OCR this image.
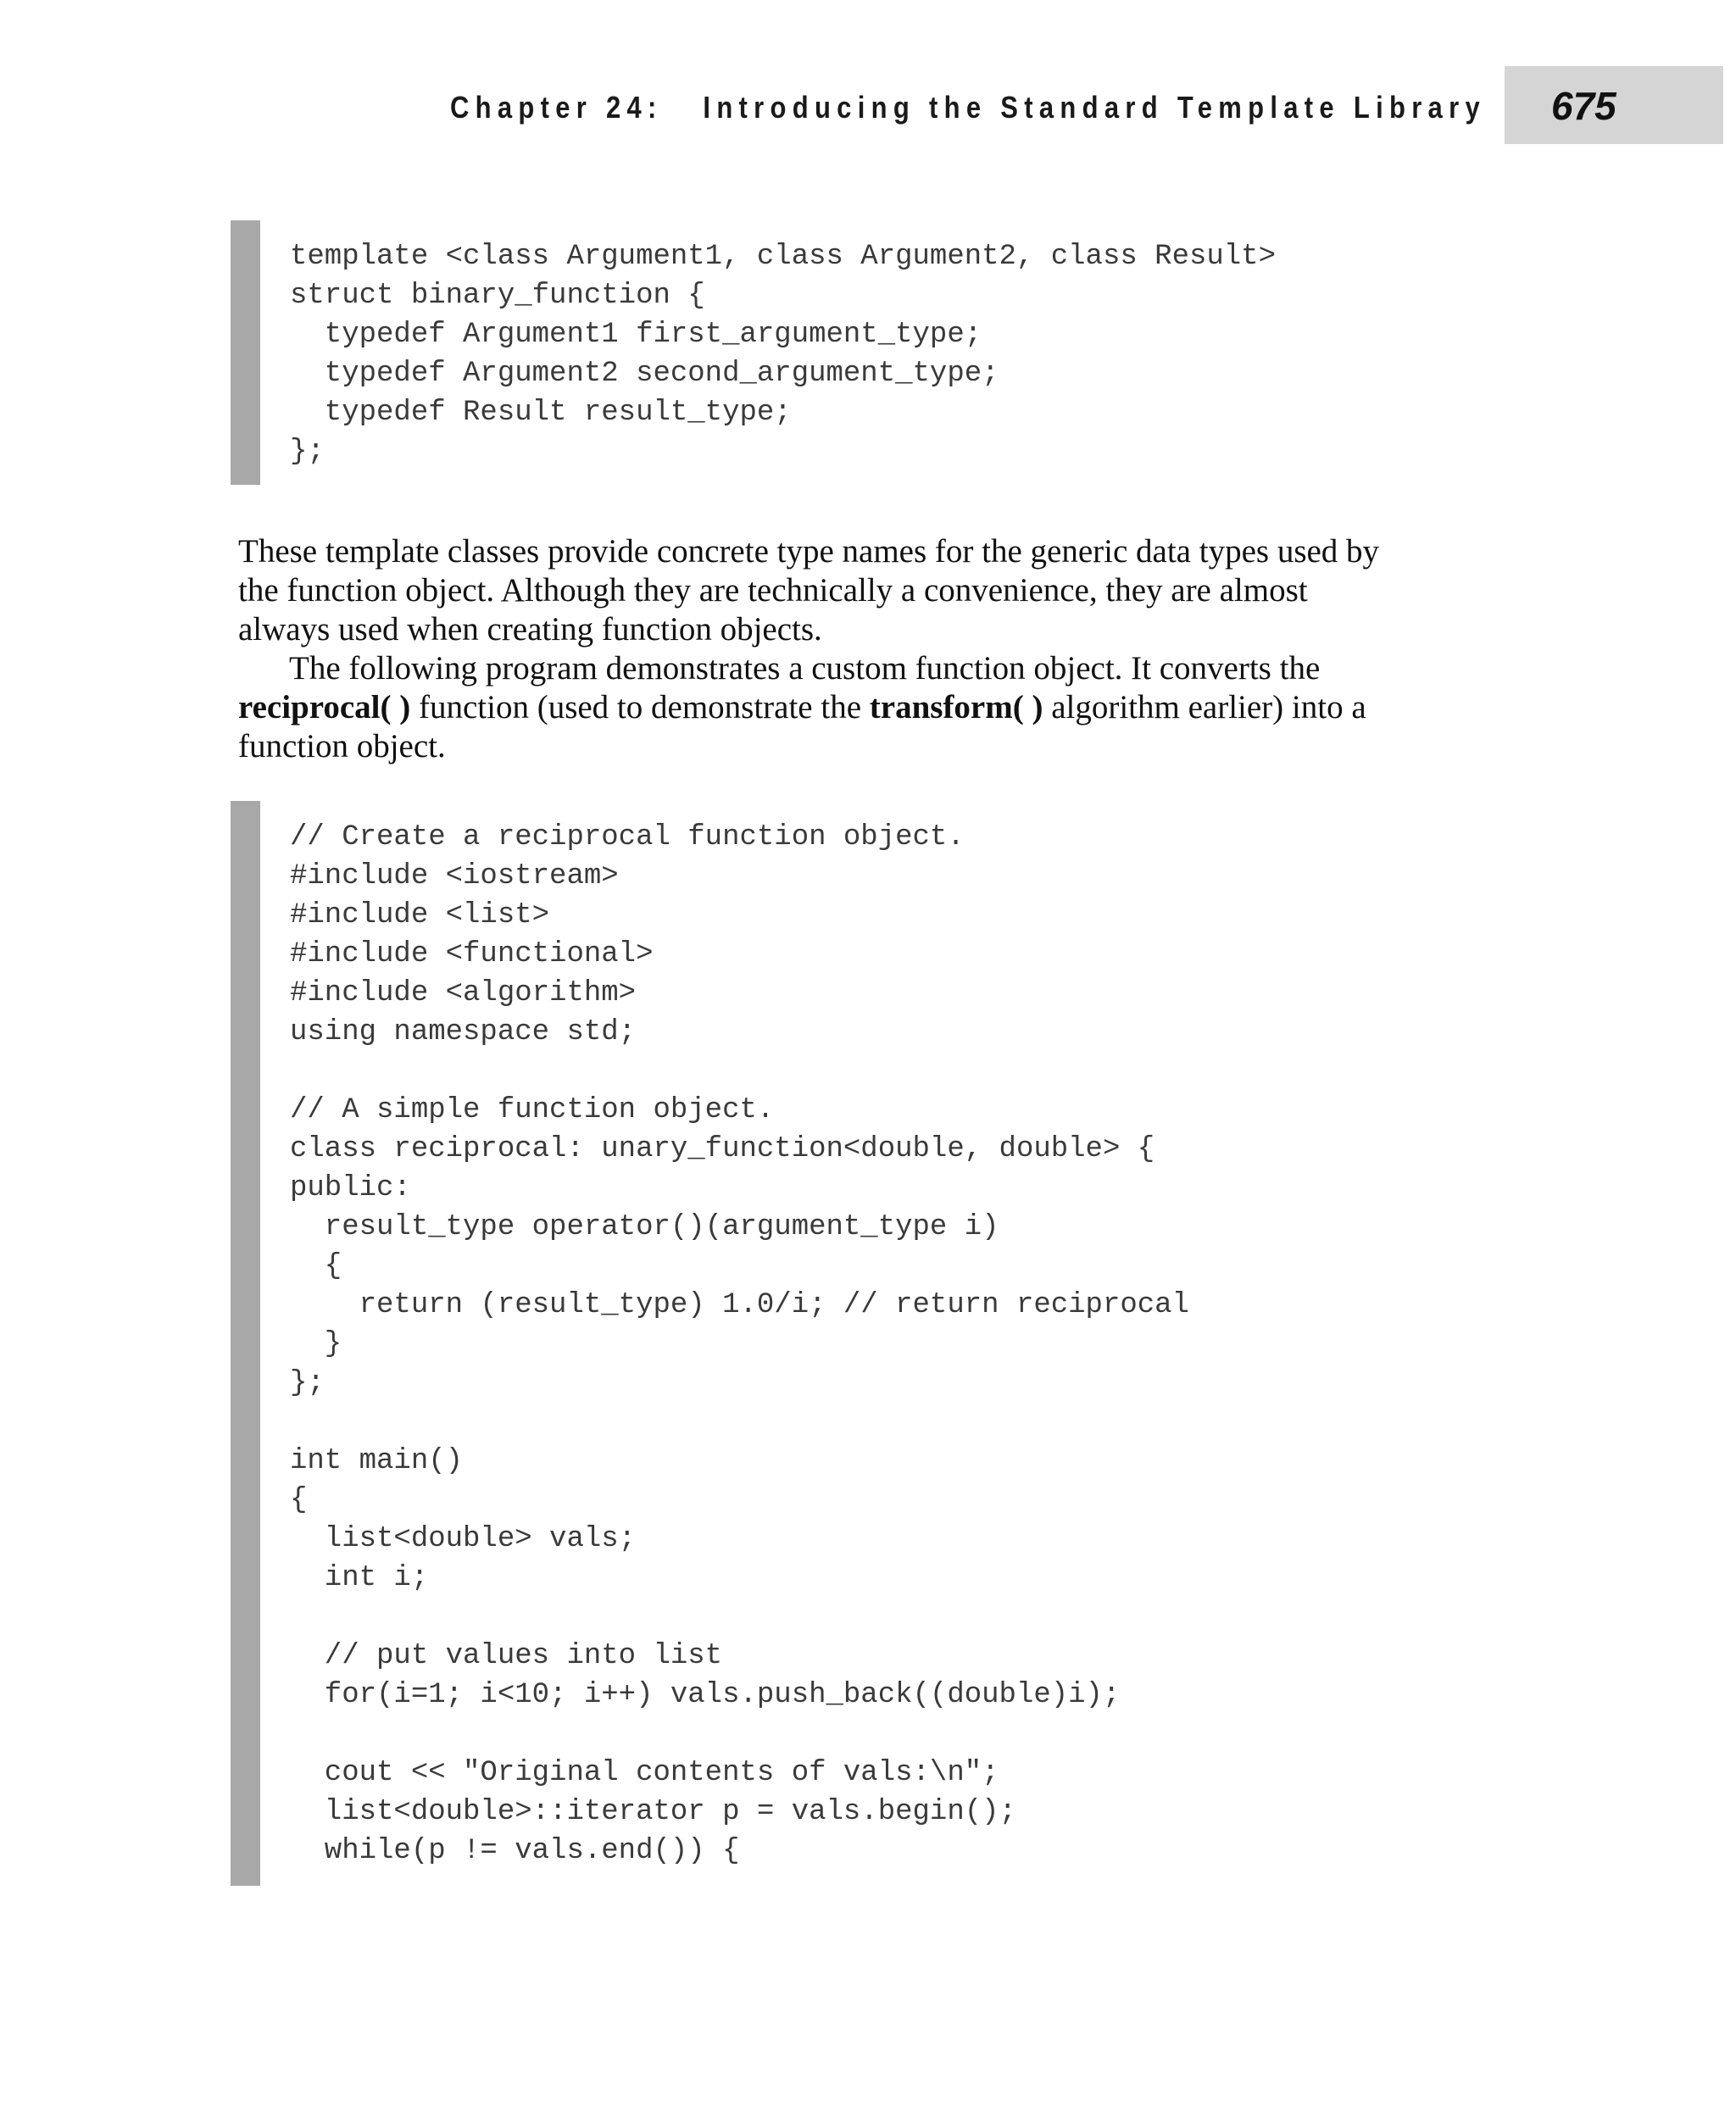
Chapter 24:   Introducing the Standard Template Library 675
template <class Argument1, class Argument2, class Result>
struct binary_function {
typedef Argument1 first_argument_type;
typedef Argument2 second_argument_type;
typedef Result result_type;
};
These template classes provide concrete type names for the generic data types used by
the function object. Although they are technically a convenience, they are almost
always used when creating function objects.
The following program demonstrates a custom function object. It converts the
reciprocal( ) function (used to demonstrate the transform( ) algorithm earlier) into a
function object.
// Create a reciprocal function object.
#include <iostream>
#include <list>
#include <functional>
#include <algorithm>
using namespace std;
// A simple function object.
class reciprocal: unary_function<double, double> {
public:
result_type operator()(argument_type i)
{
return (result_type) 1.0/i; // return reciprocal
}
};
int main()
{
list<double> vals;
int i;
// put values into list
for(i=1; i<10; i++) vals.push_back((double)i);
cout << "Original contents of vals:\n";
list<double>::iterator p = vals.begin();
while(p != vals.end()) {
